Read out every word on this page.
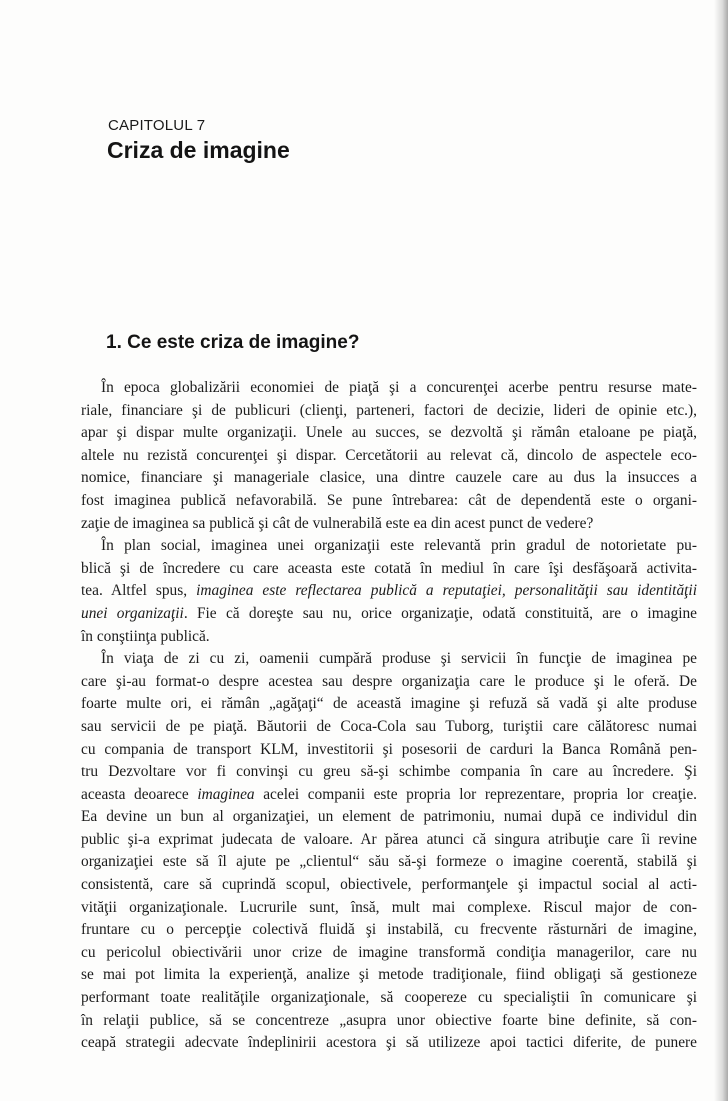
CAPITOLUL 7
Criza de imagine
1. Ce este criza de imagine?
În epoca globalizării economiei de piaţă şi a concurenţei acerbe pentru resurse mate-
riale, financiare şi de publicuri (clienţi, parteneri, factori de decizie, lideri de opinie etc.),
apar şi dispar multe organizaţii. Unele au succes, se dezvoltă şi rămân etaloane pe piaţă,
altele nu rezistă concurenţei şi dispar. Cercetătorii au relevat că, dincolo de aspectele eco-
nomice, financiare şi manageriale clasice, una dintre cauzele care au dus la insucces a
fost imaginea publică nefavorabilă. Se pune întrebarea: cât de dependentă este o organi-
zaţie de imaginea sa publică şi cât de vulnerabilă este ea din acest punct de vedere?
În plan social, imaginea unei organizaţii este relevantă prin gradul de notorietate pu-
blică şi de încredere cu care aceasta este cotată în mediul în care îşi desfăşoară activita-
tea. Altfel spus, imaginea este reflectarea publică a reputaţiei, personalităţii sau identităţii
unei organizaţii. Fie că doreşte sau nu, orice organizaţie, odată constituită, are o imagine
în conştiinţa publică.
În viaţa de zi cu zi, oamenii cumpără produse şi servicii în funcţie de imaginea pe
care şi-au format-o despre acestea sau despre organizaţia care le produce şi le oferă. De
foarte multe ori, ei rămân „agăţaţi“ de această imagine şi refuză să vadă şi alte produse
sau servicii de pe piaţă. Băutorii de Coca-Cola sau Tuborg, turiştii care călătoresc numai
cu compania de transport KLM, investitorii şi posesorii de carduri la Banca Română pen-
tru Dezvoltare vor fi convinşi cu greu să-şi schimbe compania în care au încredere. Şi
aceasta deoarece imaginea acelei companii este propria lor reprezentare, propria lor creaţie.
Ea devine un bun al organizaţiei, un element de patrimoniu, numai după ce individul din
public şi-a exprimat judecata de valoare. Ar părea atunci că singura atribuţie care îi revine
organizaţiei este să îl ajute pe „clientul“ său să-şi formeze o imagine coerentă, stabilă şi
consistentă, care să cuprindă scopul, obiectivele, performanţele şi impactul social al acti-
vităţii organizaţionale. Lucrurile sunt, însă, mult mai complexe. Riscul major de con-
fruntare cu o percepţie colectivă fluidă şi instabilă, cu frecvente răsturnări de imagine,
cu pericolul obiectivării unor crize de imagine transformă condiţia managerilor, care nu
se mai pot limita la experienţă, analize şi metode tradiţionale, fiind obligaţi să gestioneze
performant toate realităţile organizaţionale, să coopereze cu specialiştii în comunicare şi
în relaţii publice, să se concentreze „asupra unor obiective foarte bine definite, să con-
ceapă strategii adecvate îndeplinirii acestora şi să utilizeze apoi tactici diferite, de punere
